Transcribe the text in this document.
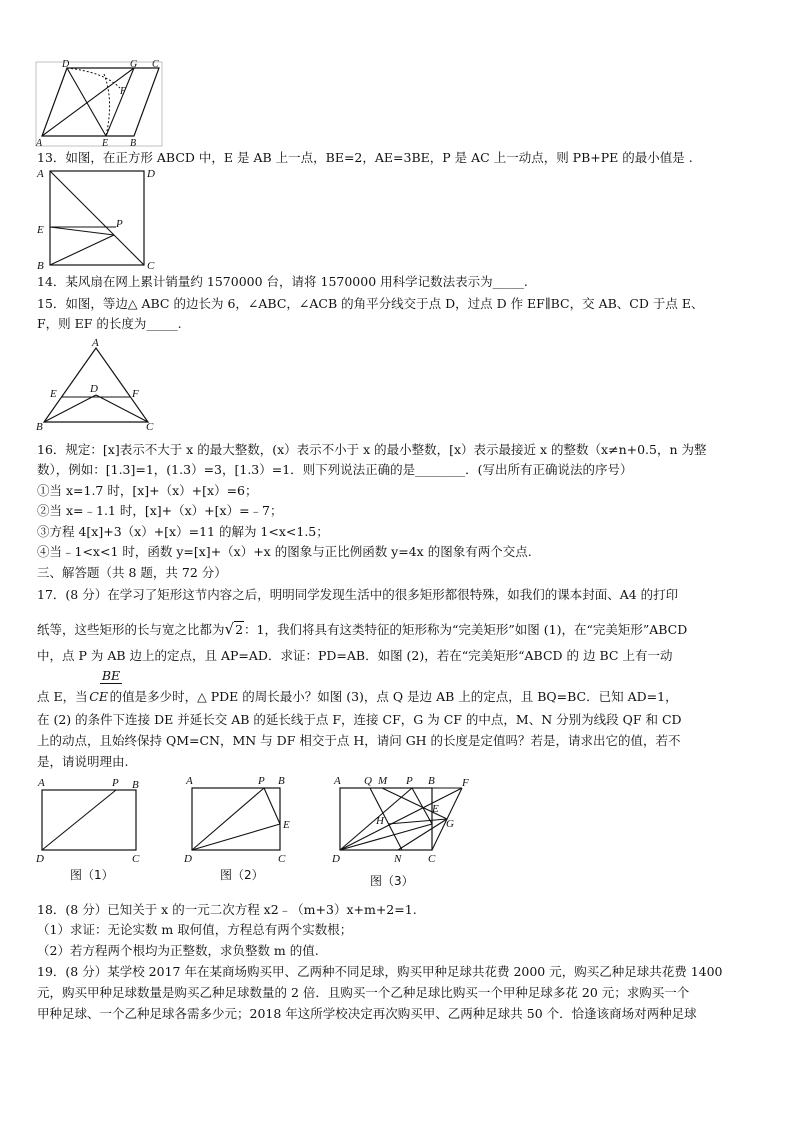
D	G C
F
A	E B
13．如图，在正方形 ABCD 中，E 是 AB 上一点，BE=2，AE=3BE，P 是 AC 上一动点，则 PB+PE 的最小值是 .
A	D
E	P
B	C
14．某风扇在网上累计销量约 1570000 台，请将 1570000 用科学记数法表示为_____.
15．如图，等边△ ABC 的边长为 6，∠ABC，∠ACB 的角平分线交于点 D，过点 D 作 EF∥BC，交 AB、CD 于点 E、
F，则 EF 的长度为_____.
A
E	D	F
B	C
16．规定：[x]表示不大于 x 的最大整数，(x）表示不小于 x 的最小整数，[x）表示最接近 x 的整数（x≠n+0.5，n 为整
数），例如：[1.3]=1，(1.3）=3，[1.3）=1．则下列说法正确的是________．(写出所有正确说法的序号）
①当 x=1.7 时，[x]+（x）+[x）=6；
②当 x=﹣1.1 时，[x]+（x）+[x）=﹣7；
③方程 4[x]+3（x）+[x）=11 的解为 1<x<1.5；
④当﹣1<x<1 时，函数 y=[x]+（x）+x 的图象与正比例函数 y=4x 的图象有两个交点.
三、解答题（共 8 题，共 72 分）
17．(8 分）在学习了矩形这节内容之后，明明同学发现生活中的很多矩形都很特殊，如我们的课本封面、A4 的打印
纸等，这些矩形的长与宽之比都为√2：1，我们将具有这类特征的矩形称为“完美矩形”如图 (1)，在“完美矩形”ABCD
中，点 P 为 AB 边上的定点，且 AP=AD．求证：PD=AB．如图 (2)，若在“完美矩形“ABCD 的 边 BC 上有一动
BE
点 E，当 CE 的值是多少时，△ PDE 的周长最小？如图 (3)，点 Q 是边 AB 上的定点，且 BQ=BC．已知 AD=1，
在 (2) 的条件下连接 DE 并延长交 AB 的延长线于点 F，连接 CF，G 为 CF 的中点，M、N 分别为线段 QF 和 CD
上的动点，且始终保持 QM=CN，MN 与 DF 相交于点 H，请问 GH 的长度是定值吗？若是，请求出它的值，若不
是，请说明理由.
A	P B
D	C
图（1）
A	P B
E
D	C
图（2）
A Q M P B F
E
H	G
D	N C
图（3）
18．(8 分）已知关于 x 的一元二次方程 x2﹣（m+3）x+m+2=1.
（1）求证：无论实数 m 取何值，方程总有两个实数根；
（2）若方程两个根均为正整数，求负整数 m 的值.
19．(8 分）某学校 2017 年在某商场购买甲、乙两种不同足球，购买甲种足球共花费 2000 元，购买乙种足球共花费 1400
元，购买甲种足球数量是购买乙种足球数量的 2 倍．且购买一个乙种足球比购买一个甲种足球多花 20 元；求购买一个
甲种足球、一个乙种足球各需多少元；2018 年这所学校决定再次购买甲、乙两种足球共 50 个．恰逢该商场对两种足球
